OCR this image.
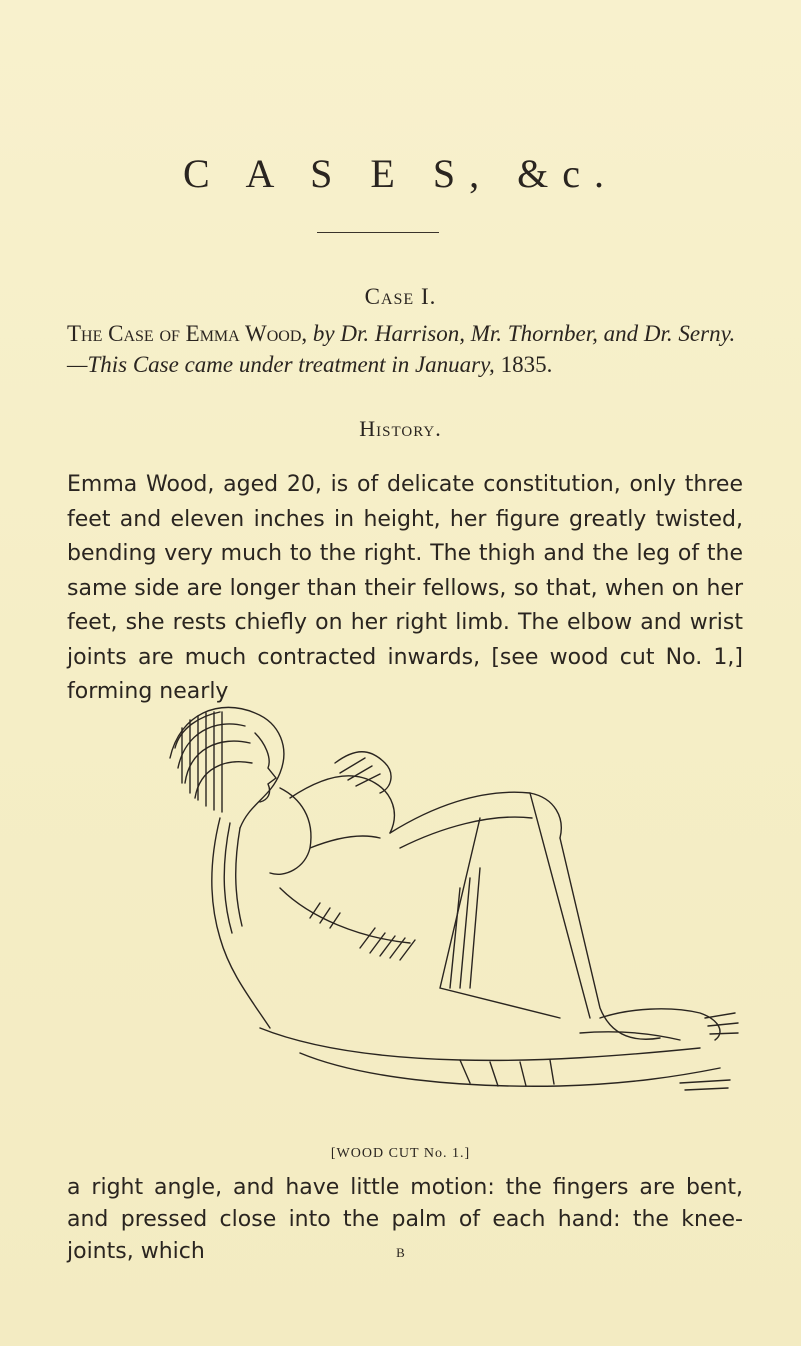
C A S E S, &c.
Case I.

The Case of Emma Wood, by Dr. Harrison, Mr. Thornber, and Dr. Serny.—This Case came under treatment in January, 1835.

History.

Emma Wood, aged 20, is of delicate constitution, only three feet and eleven inches in height, her figure greatly twisted, bending very much to the right. The thigh and the leg of the same side are longer than their fellows, so that, when on her feet, she rests chiefly on her right limb. The elbow and wrist joints are much contracted inwards, [see wood cut No. 1,] forming nearly

[WOOD CUT No. 1.]

a right angle, and have little motion: the fingers are bent, and pressed close into the palm of each hand: the knee-joints, which	B
